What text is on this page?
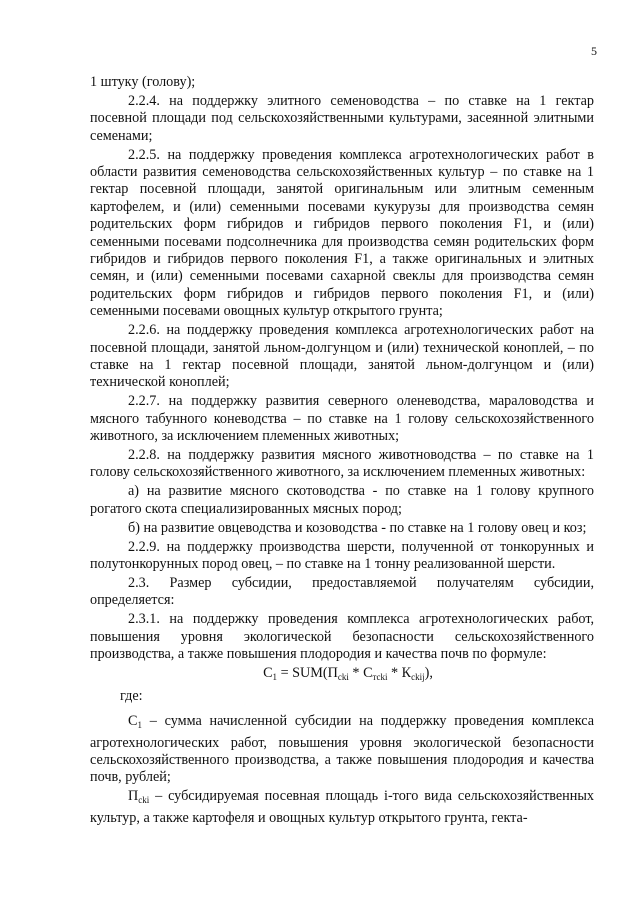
5

1 штуку (голову);

2.2.4. на поддержку элитного семеноводства – по ставке на 1 гектар посевной площади под сельскохозяйственными культурами, засеянной элитными семенами;

2.2.5. на поддержку проведения комплекса агротехнологических работ в области развития семеноводства сельскохозяйственных культур – по ставке на 1 гектар посевной площади, занятой оригинальным или элитным семенным картофелем, и (или) семенными посевами кукурузы для производства семян родительских форм гибридов и гибридов первого поколения F1, и (или) семенными посевами подсолнечника для производства семян родительских форм гибридов и гибридов первого поколения F1, а также оригинальных и элитных семян, и (или) семенными посевами сахарной свеклы для производства семян родительских форм гибридов и гибридов первого поколения F1, и (или) семенными посевами овощных культур открытого грунта;

2.2.6. на поддержку проведения комплекса агротехнологических работ на посевной площади, занятой льном-долгунцом и (или) технической коноплей, – по ставке на 1 гектар посевной площади, занятой льном-долгунцом и (или) технической коноплей;

2.2.7. на поддержку развития северного оленеводства, мараловодства и мясного табунного коневодства – по ставке на 1 голову сельскохозяйственного животного, за исключением племенных животных;

2.2.8. на поддержку развития мясного животноводства – по ставке на 1 голову сельскохозяйственного животного, за исключением племенных животных:

а) на развитие мясного скотоводства - по ставке на 1 голову крупного рогатого скота специализированных мясных пород;

б) на развитие овцеводства и козоводства - по ставке на 1 голову овец и коз;

2.2.9. на поддержку производства шерсти, полученной от тонкорунных и полутонкорунных пород овец, – по ставке на 1 тонну реализованной шерсти.

2.3. Размер субсидии, предоставляемой получателям субсидии, определяется:

2.3.1. на поддержку проведения комплекса агротехнологических работ, повышения уровня экологической безопасности сельскохозяйственного производства, а также повышения плодородия и качества почв по формуле:

$С_1 = SUM(П_{cki} * С_{тcki} * К_{ckij})$,

где:

$С_1$ – сумма начисленной субсидии на поддержку проведения комплекса агротехнологических работ, повышения уровня экологической безопасности сельскохозяйственного производства, а также повышения плодородия и качества почв, рублей;

$П_{cki}$ – субсидируемая посевная площадь i-того вида сельскохозяйственных культур, а также картофеля и овощных культур открытого грунта, гекта-
